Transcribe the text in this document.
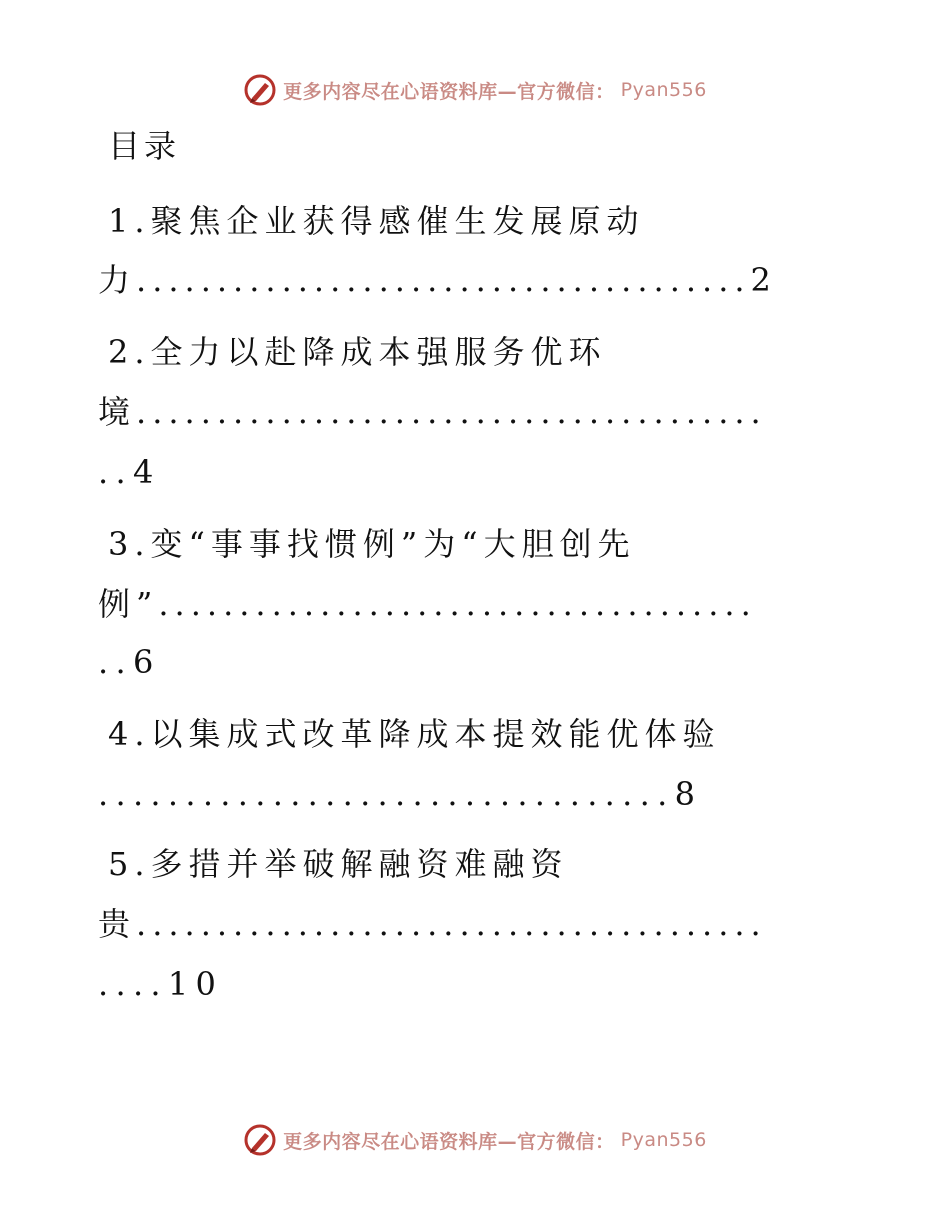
更多内容尽在心语资料库—官方微信： Pyan556
目录
1.聚焦企业获得感催生发展原动
力......................................2
2.全力以赴降成本强服务优环
境.......................................
..4
3.变“事事找惯例”为“大胆创先
例”.....................................
..6
4.以集成式改革降成本提效能优体验
.................................8
5.多措并举破解融资难融资
贵.......................................
....10
更多内容尽在心语资料库—官方微信： Pyan556
